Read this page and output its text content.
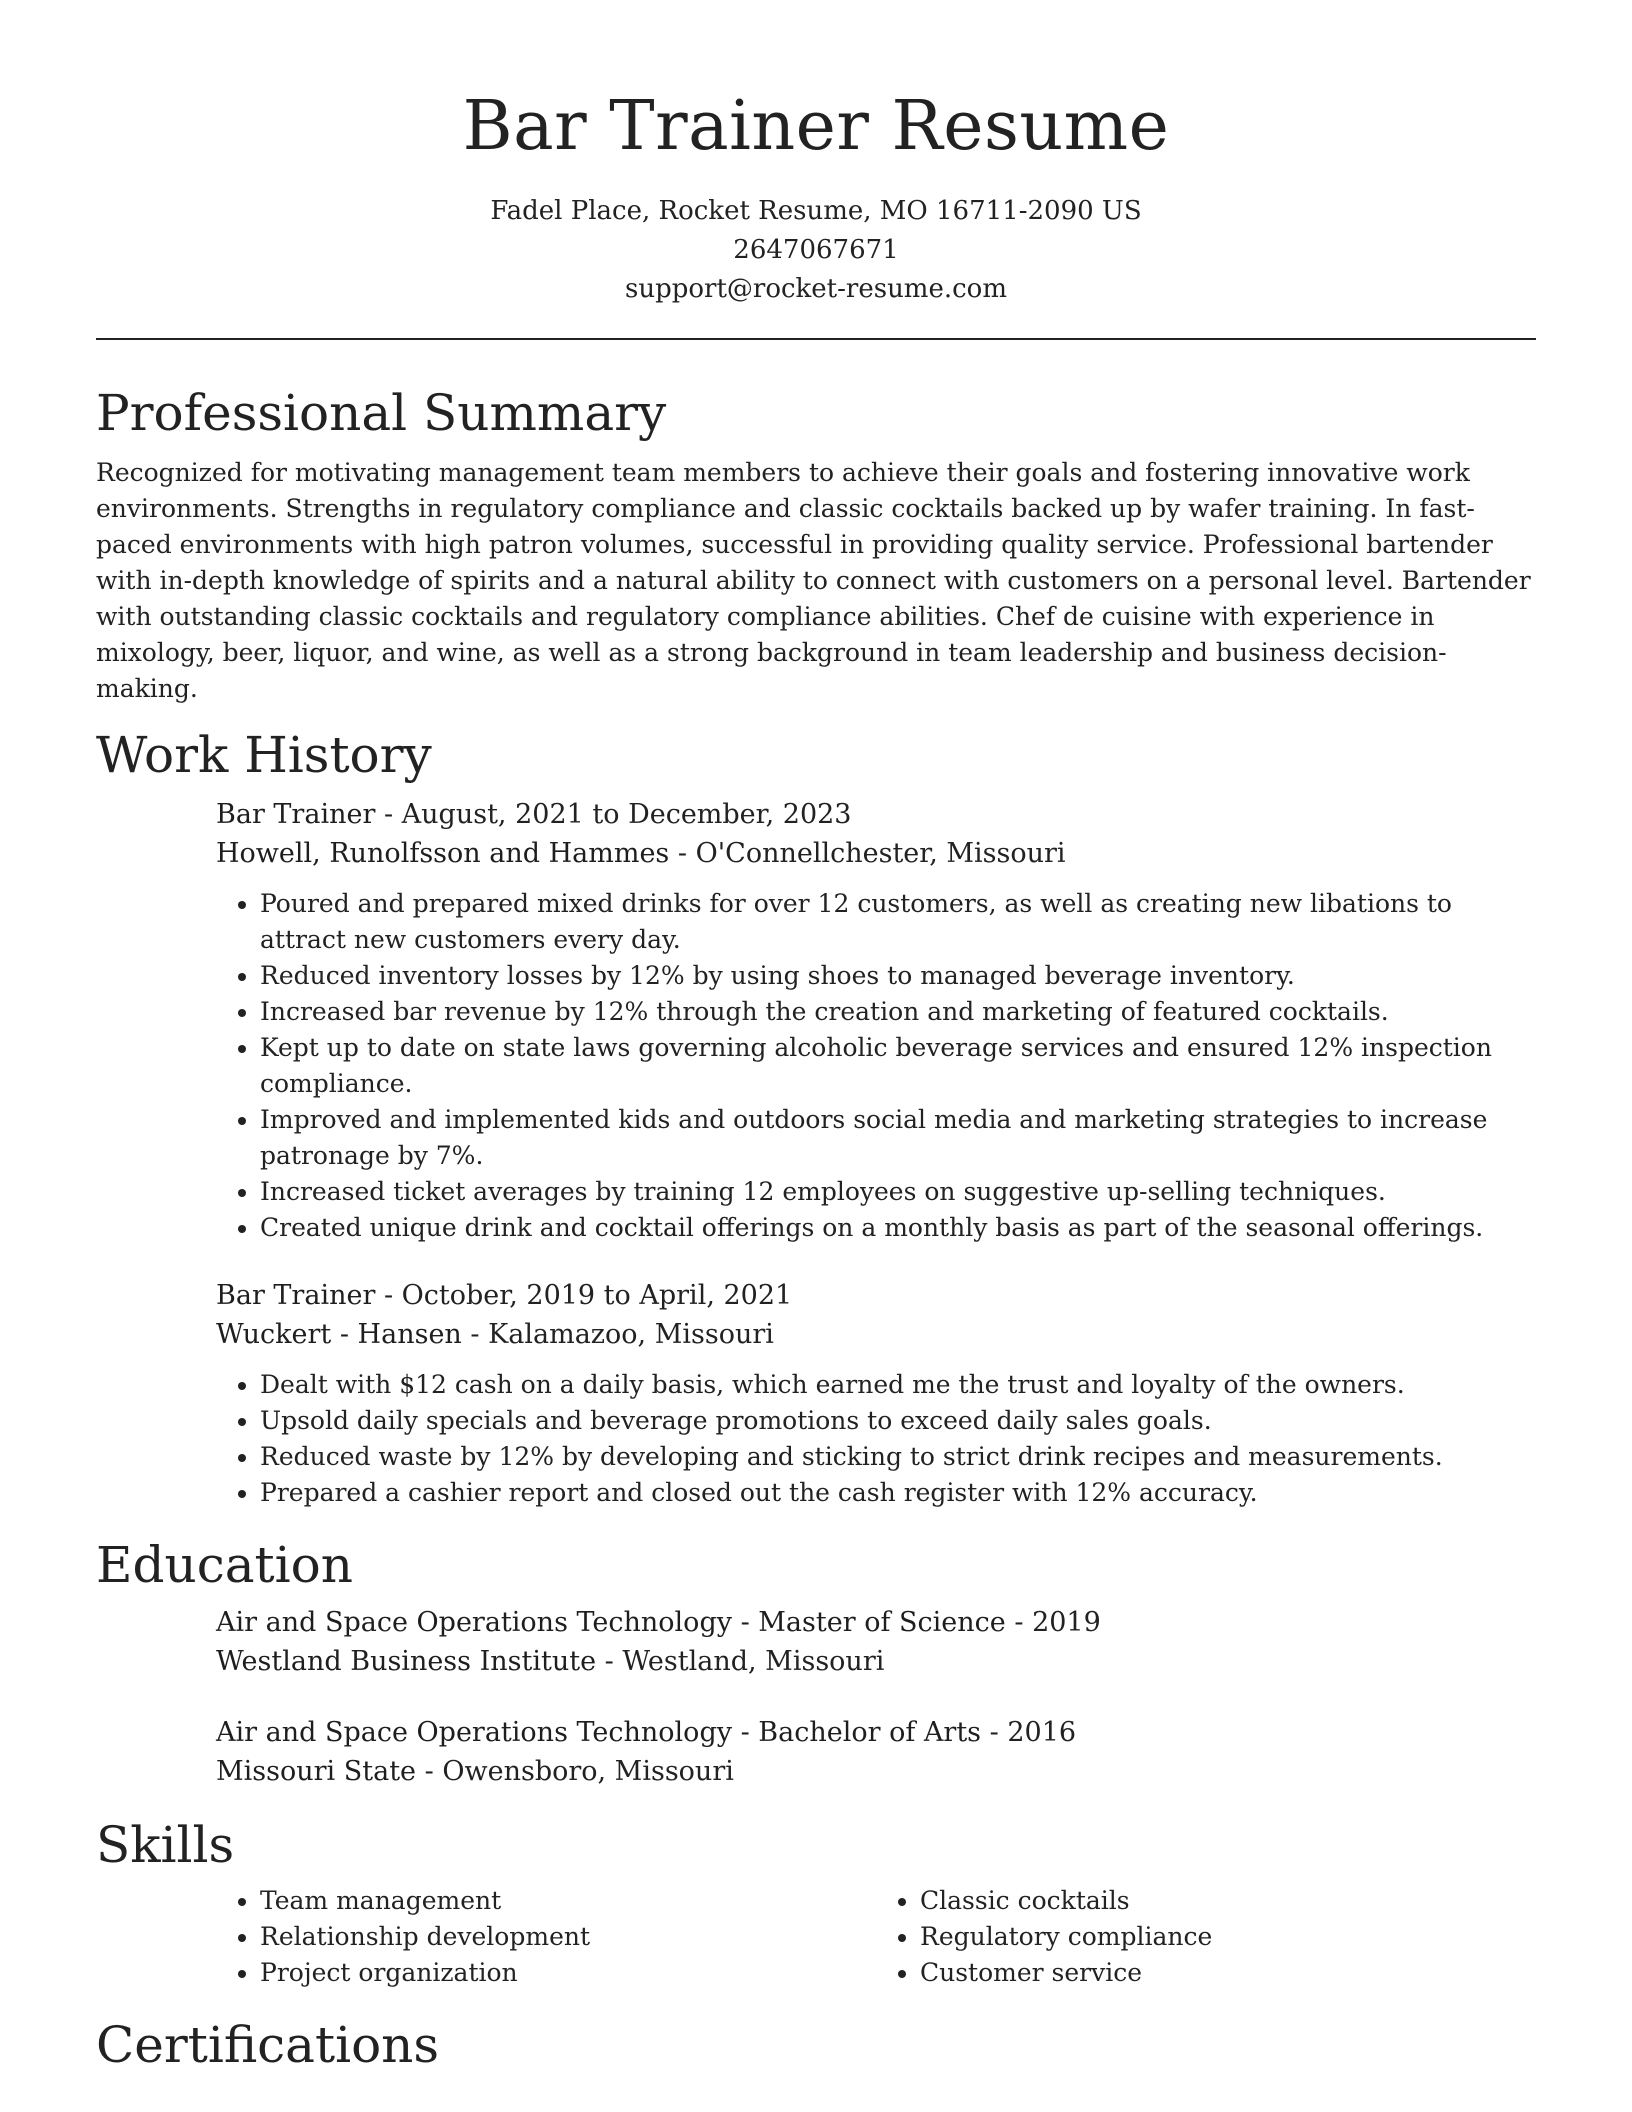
Bar Trainer Resume
Fadel Place, Rocket Resume, MO 16711-2090 US
2647067671
support@rocket-resume.com
Professional Summary

Recognized for motivating management team members to achieve their goals and fostering innovative work environments. Strengths in regulatory compliance and classic cocktails backed up by wafer training. In fast-paced environments with high patron volumes, successful in providing quality service. Professional bartender with in-depth knowledge of spirits and a natural ability to connect with customers on a personal level. Bartender with outstanding classic cocktails and regulatory compliance abilities. Chef de cuisine with experience in mixology, beer, liquor, and wine, as well as a strong background in team leadership and business decision-making.

Work History
Bar Trainer - August, 2021 to December, 2023
Howell, Runolfsson and Hammes - O'Connellchester, Missouri
• Poured and prepared mixed drinks for over 12 customers, as well as creating new libations to attract new customers every day.
• Reduced inventory losses by 12% by using shoes to managed beverage inventory.
• Increased bar revenue by 12% through the creation and marketing of featured cocktails.
• Kept up to date on state laws governing alcoholic beverage services and ensured 12% inspection compliance.
• Improved and implemented kids and outdoors social media and marketing strategies to increase patronage by 7%.
• Increased ticket averages by training 12 employees on suggestive up-selling techniques.
• Created unique drink and cocktail offerings on a monthly basis as part of the seasonal offerings.
Bar Trainer - October, 2019 to April, 2021
Wuckert - Hansen - Kalamazoo, Missouri
• Dealt with $12 cash on a daily basis, which earned me the trust and loyalty of the owners.
• Upsold daily specials and beverage promotions to exceed daily sales goals.
• Reduced waste by 12% by developing and sticking to strict drink recipes and measurements.
• Prepared a cashier report and closed out the cash register with 12% accuracy.
Education
Air and Space Operations Technology - Master of Science - 2019
Westland Business Institute - Westland, Missouri
Air and Space Operations Technology - Bachelor of Arts - 2016
Missouri State - Owensboro, Missouri
Skills
• Team management
• Relationship development
• Project organization
• Classic cocktails
• Regulatory compliance
• Customer service
Certifications
